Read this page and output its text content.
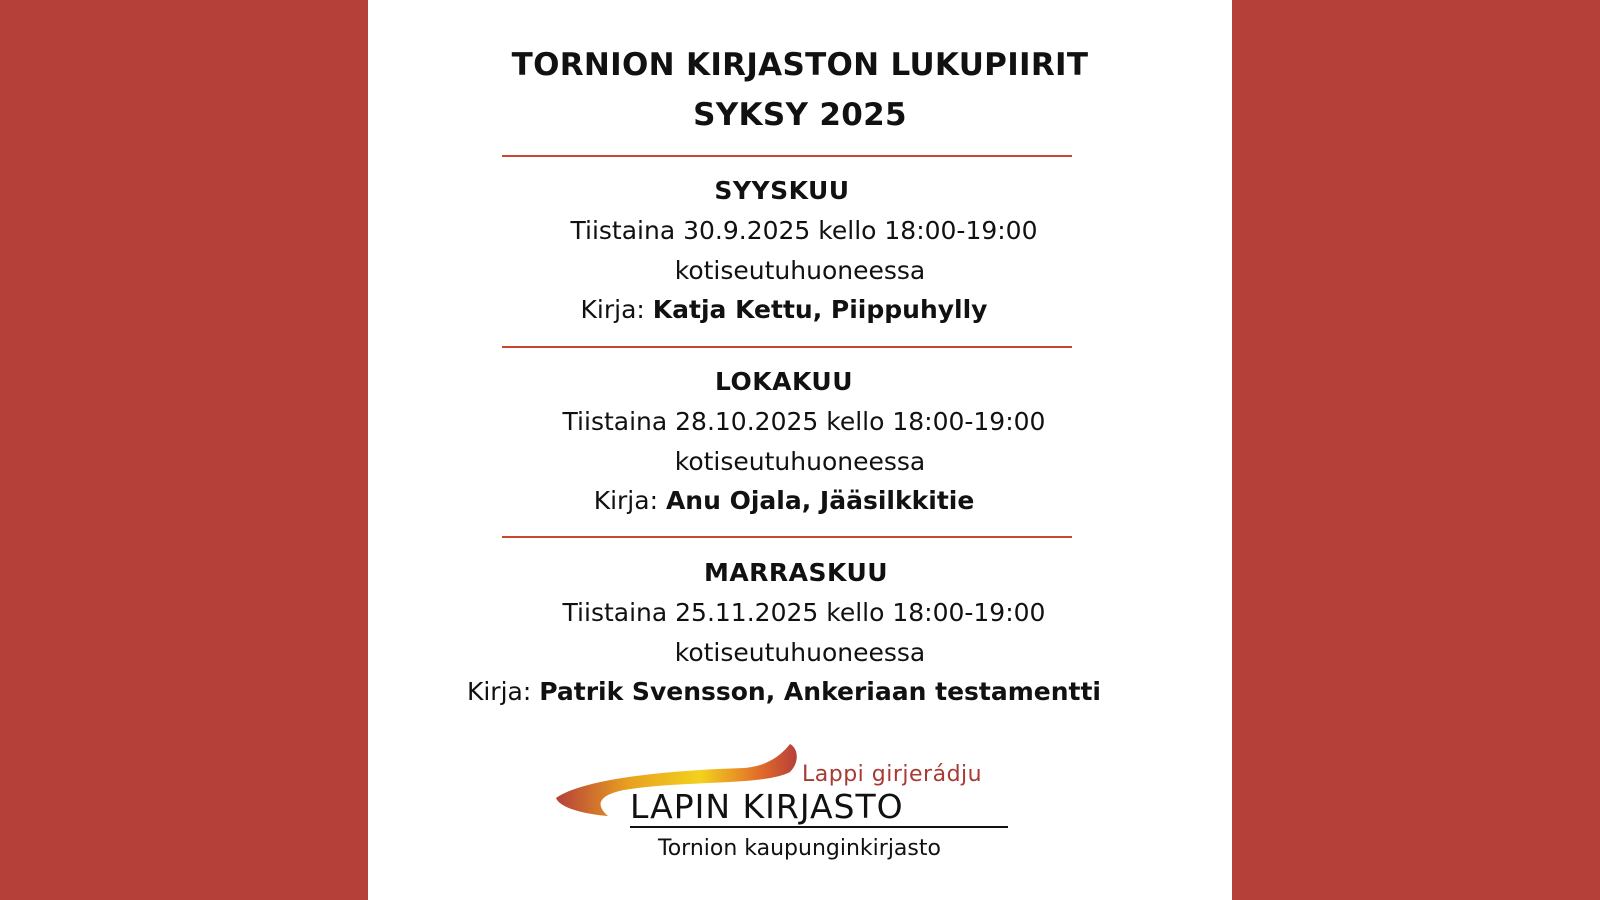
TORNION KIRJASTON LUKUPIIRIT
SYKSY 2025
SYYSKUU
Tiistaina 30.9.2025 kello 18:00-19:00
kotiseutuhuoneessa
Kirja: Katja Kettu, Piippuhylly
LOKAKUU
Tiistaina 28.10.2025 kello 18:00-19:00
kotiseutuhuoneessa
Kirja: Anu Ojala, Jääsilkkitie
MARRASKUU
Tiistaina 25.11.2025 kello 18:00-19:00
kotiseutuhuoneessa
Kirja: Patrik Svensson, Ankeriaan testamentti
Lappi girjerádju
LAPIN KIRJASTO
Tornion kaupunginkirjasto
